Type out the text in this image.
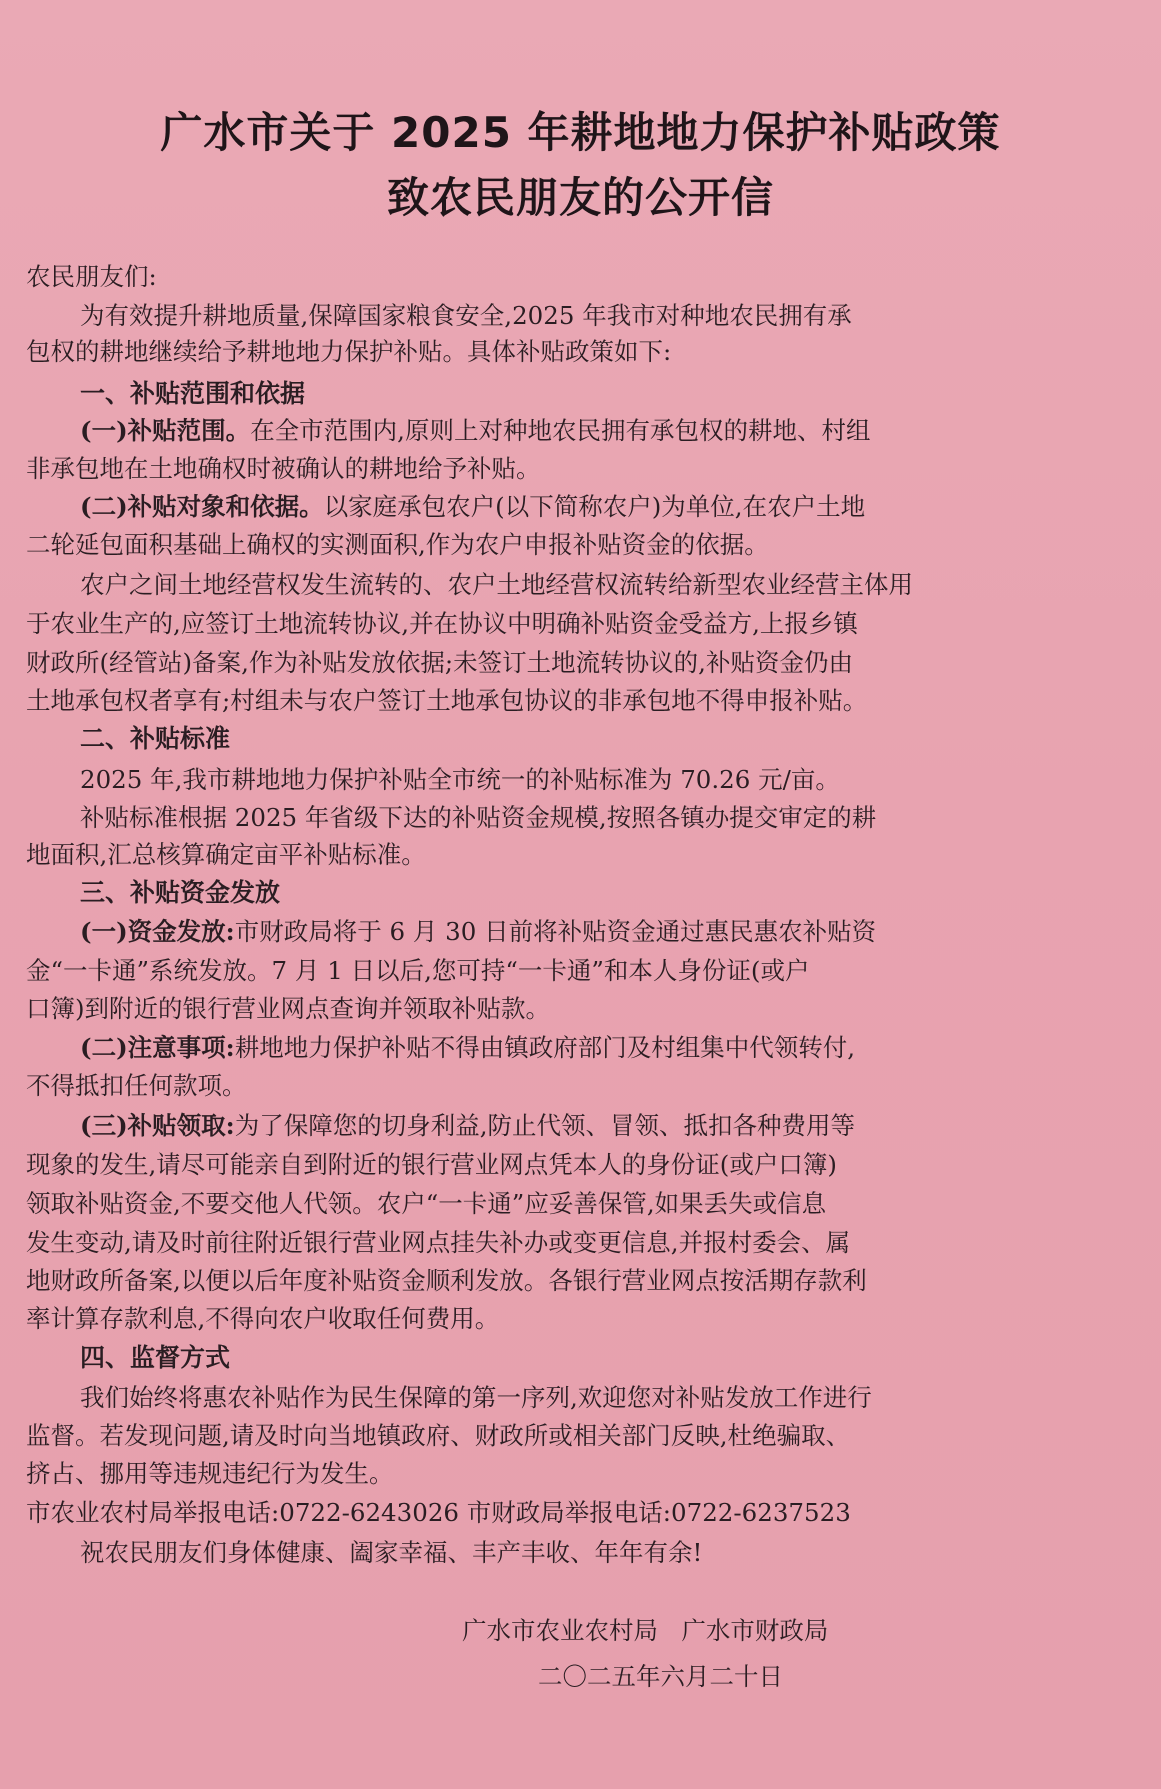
广水市关于 2025 年耕地地力保护补贴政策
致农民朋友的公开信
农民朋友们:
为有效提升耕地质量,保障国家粮食安全,2025 年我市对种地农民拥有承
包权的耕地继续给予耕地地力保护补贴。具体补贴政策如下:
一、补贴范围和依据
(一)补贴范围。在全市范围内,原则上对种地农民拥有承包权的耕地、村组
非承包地在土地确权时被确认的耕地给予补贴。
(二)补贴对象和依据。以家庭承包农户(以下简称农户)为单位,在农户土地
二轮延包面积基础上确权的实测面积,作为农户申报补贴资金的依据。
农户之间土地经营权发生流转的、农户土地经营权流转给新型农业经营主体用
于农业生产的,应签订土地流转协议,并在协议中明确补贴资金受益方,上报乡镇
财政所(经管站)备案,作为补贴发放依据;未签订土地流转协议的,补贴资金仍由
土地承包权者享有;村组未与农户签订土地承包协议的非承包地不得申报补贴。
二、补贴标准
2025 年,我市耕地地力保护补贴全市统一的补贴标准为 70.26 元/亩。
补贴标准根据 2025 年省级下达的补贴资金规模,按照各镇办提交审定的耕
地面积,汇总核算确定亩平补贴标准。
三、补贴资金发放
(一)资金发放:市财政局将于 6 月 30 日前将补贴资金通过惠民惠农补贴资
金“一卡通”系统发放。7 月 1 日以后,您可持“一卡通”和本人身份证(或户
口簿)到附近的银行营业网点查询并领取补贴款。
(二)注意事项:耕地地力保护补贴不得由镇政府部门及村组集中代领转付,
不得抵扣任何款项。
(三)补贴领取:为了保障您的切身利益,防止代领、冒领、抵扣各种费用等
现象的发生,请尽可能亲自到附近的银行营业网点凭本人的身份证(或户口簿)
领取补贴资金,不要交他人代领。农户“一卡通”应妥善保管,如果丢失或信息
发生变动,请及时前往附近银行营业网点挂失补办或变更信息,并报村委会、属
地财政所备案,以便以后年度补贴资金顺利发放。各银行营业网点按活期存款利
率计算存款利息,不得向农户收取任何费用。
四、监督方式
我们始终将惠农补贴作为民生保障的第一序列,欢迎您对补贴发放工作进行
监督。若发现问题,请及时向当地镇政府、财政所或相关部门反映,杜绝骗取、
挤占、挪用等违规违纪行为发生。
市农业农村局举报电话:0722-6243026 市财政局举报电话:0722-6237523
祝农民朋友们身体健康、阖家幸福、丰产丰收、年年有余!
广水市农业农村局   广水市财政局
二〇二五年六月二十日
